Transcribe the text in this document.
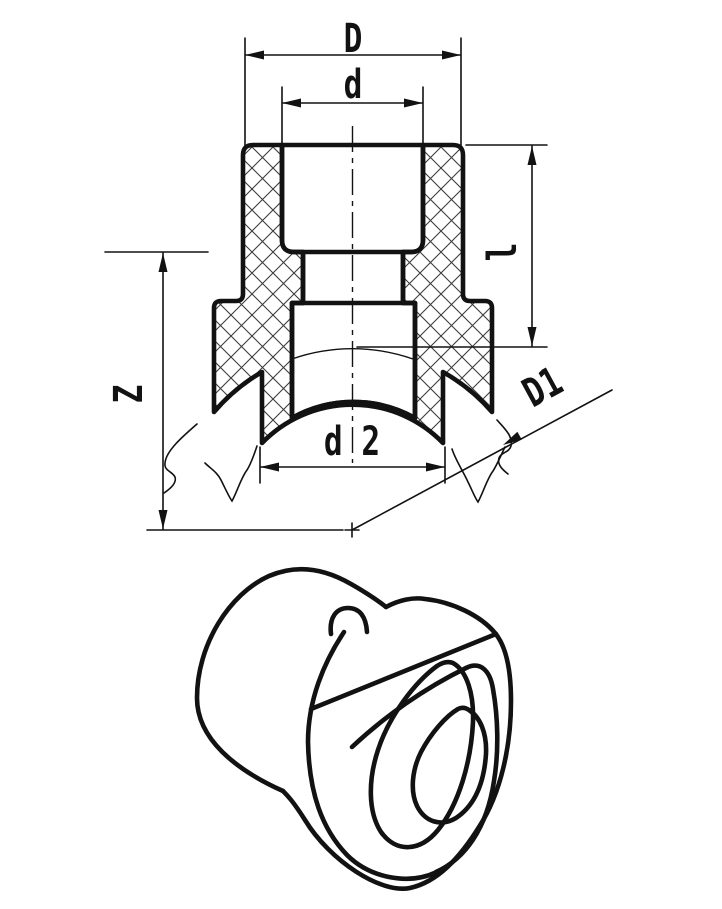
D
d
l
Z
d 2
D1
